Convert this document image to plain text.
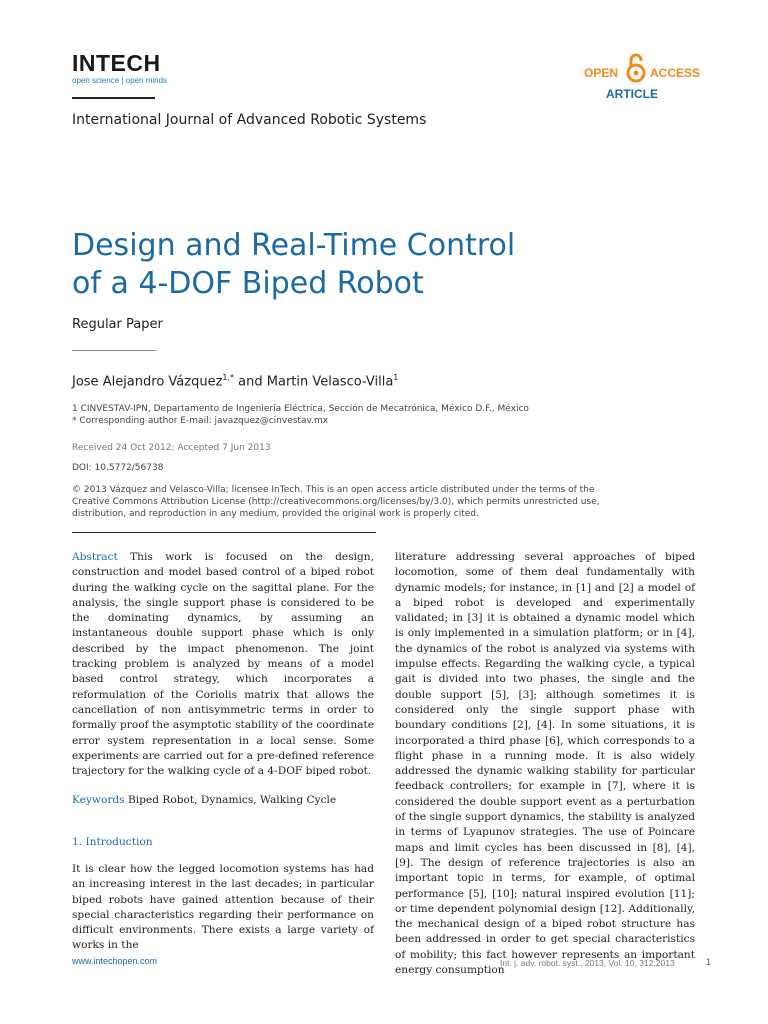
INTECH
open science | open minds
OPEN	ACCESS
ARTICLE
International Journal of Advanced Robotic Systems
Design and Real-Time Control
of a 4-DOF Biped Robot
Regular Paper
Jose Alejandro Vázquez$^{1,*}$ and Martin Velasco-Villa$^1$
1 CINVESTAV-IPN, Departamento de Ingeniería Eléctrica, Sección de Mecatrónica, México D.F., México
* Corresponding author E-mail: javazquez@cinvestav.mx
Received 24 Oct 2012; Accepted 7 Jun 2013
DOI: 10.5772/56738
© 2013 Vázquez and Velasco-Villa; licensee InTech. This is an open access article distributed under the terms of the Creative Commons Attribution License (http://creativecommons.org/licenses/by/3.0), which permits unrestricted use, distribution, and reproduction in any medium, provided the original work is properly cited.

Abstract This work is focused on the design, construction and model based control of a biped robot during the walking cycle on the sagittal plane. For the analysis, the single support phase is considered to be the dominating dynamics, by assuming an instantaneous double support phase which is only described by the impact phenomenon. The joint tracking problem is analyzed by means of a model based control strategy, which incorporates a reformulation of the Coriolis matrix that allows the cancellation of non antisymmetric terms in order to formally proof the asymptotic stability of the coordinate error system representation in a local sense. Some experiments are carried out for a pre-defined reference trajectory for the walking cycle of a 4-DOF biped robot.

Keywords Biped Robot, Dynamics, Walking Cycle

1. Introduction

It is clear how the legged locomotion systems has had an increasing interest in the last decades; in particular biped robots have gained attention because of their special characteristics regarding their performance on difficult environments. There exists a large variety of works in the

literature addressing several approaches of biped locomotion, some of them deal fundamentally with dynamic models; for instance, in [1] and [2] a model of a biped robot is developed and experimentally validated; in [3] it is obtained a dynamic model which is only implemented in a simulation platform; or in [4], the dynamics of the robot is analyzed via systems with impulse effects. Regarding the walking cycle, a typical gait is divided into two phases, the single and the double support [5], [3]; although sometimes it is considered only the single support phase with boundary conditions [2], [4]. In some situations, it is incorporated a third phase [6], which corresponds to a flight phase in a running mode. It is also widely addressed the dynamic walking stability for particular feedback controllers; for example in [7], where it is considered the double support event as a perturbation of the single support dynamics, the stability is analyzed in terms of Lyapunov strategies. The use of Poincare maps and limit cycles has been discussed in [8], [4], [9]. The design of reference trajectories is also an important topic in terms, for example, of optimal performance [5], [10]; natural inspired evolution [11]; or time dependent polynomial design [12]. Additionally, the mechanical design of a biped robot structure has been addressed in order to get special characteristics of mobility; this fact however represents an important energy consumption

www.intechopen.com	Int. j. adv. robot. syst., 2013, Vol. 10, 312:2013	1
